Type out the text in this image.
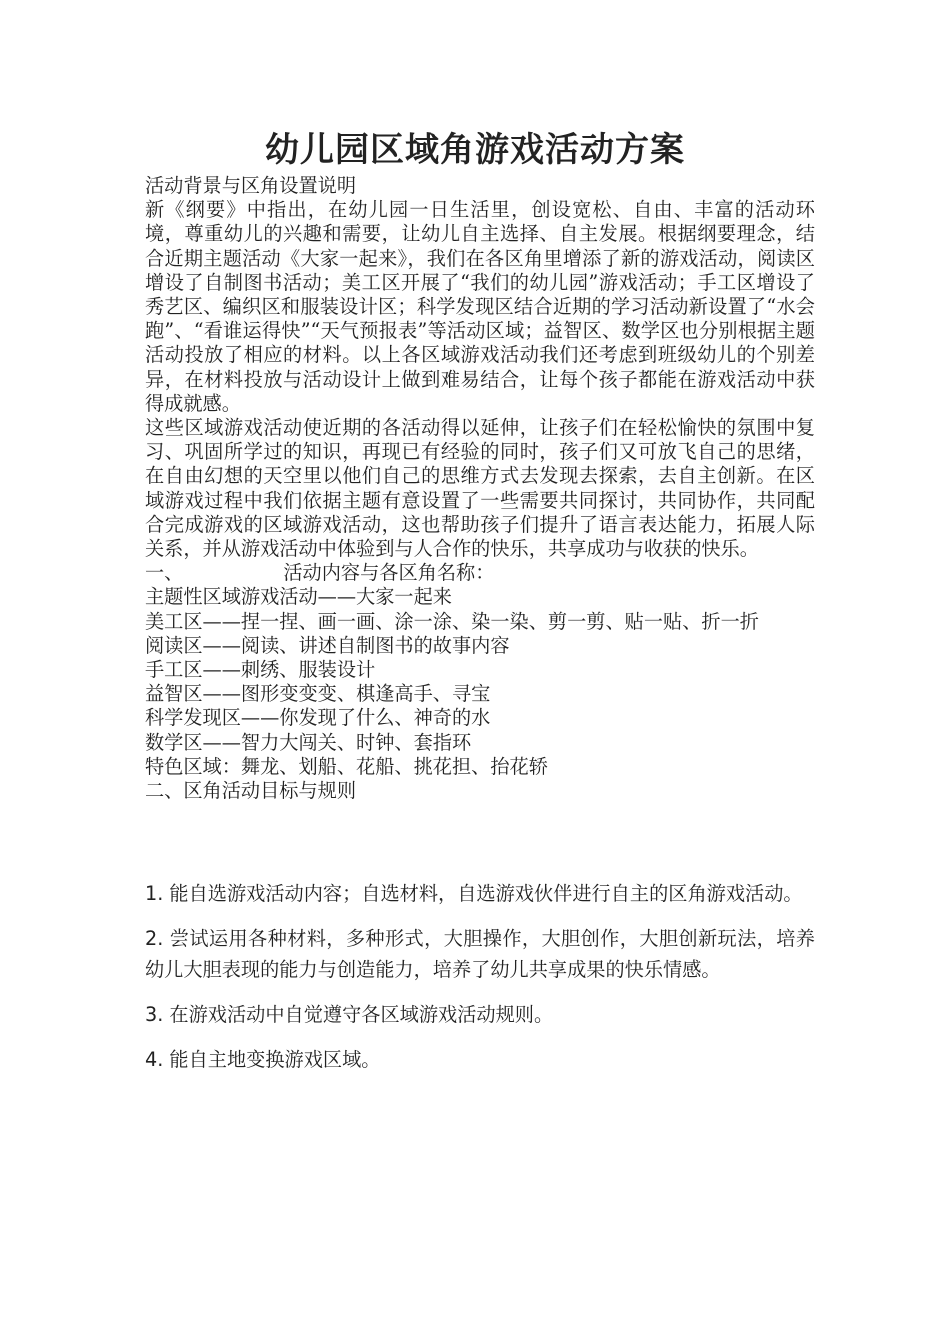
幼儿园区域角游戏活动方案

活动背景与区角设置说明

新《纲要》中指出，在幼儿园一日生活里，创设宽松、自由、丰富的活动环境，尊重幼儿的兴趣和需要，让幼儿自主选择、自主发展。根据纲要理念，结合近期主题活动《大家一起来》，我们在各区角里增添了新的游戏活动，阅读区增设了自制图书活动；美工区开展了“我们的幼儿园”游戏活动；手工区增设了秀艺区、编织区和服装设计区；科学发现区结合近期的学习活动新设置了“水会跑”、“看谁运得快”“天气预报表”等活动区域；益智区、数学区也分别根据主题活动投放了相应的材料。以上各区域游戏活动我们还考虑到班级幼儿的个别差异，在材料投放与活动设计上做到难易结合，让每个孩子都能在游戏活动中获得成就感。

这些区域游戏活动使近期的各活动得以延伸，让孩子们在轻松愉快的氛围中复习、巩固所学过的知识，再现已有经验的同时，孩子们又可放飞自己的思绪，在自由幻想的天空里以他们自己的思维方式去发现去探索，去自主创新。在区域游戏过程中我们依据主题有意设置了一些需要共同探讨，共同协作，共同配合完成游戏的区域游戏活动，这也帮助孩子们提升了语言表达能力，拓展人际关系，并从游戏活动中体验到与人合作的快乐，共享成功与收获的快乐。

一、	活动内容与各区角名称：

主题性区域游戏活动——大家一起来

美工区——捏一捏、画一画、涂一涂、染一染、剪一剪、贴一贴、折一折

阅读区——阅读、讲述自制图书的故事内容

手工区——刺绣、服装设计

益智区——图形变变变、棋逢高手、寻宝

科学发现区——你发现了什么、神奇的水

数学区——智力大闯关、时钟、套指环

特色区域：舞龙、划船、花船、挑花担、抬花轿

二、区角活动目标与规则

1. 能自选游戏活动内容；自选材料，自选游戏伙伴进行自主的区角游戏活动。

2. 尝试运用各种材料，多种形式，大胆操作，大胆创作，大胆创新玩法，培养幼儿大胆表现的能力与创造能力，培养了幼儿共享成果的快乐情感。

3. 在游戏活动中自觉遵守各区域游戏活动规则。

4. 能自主地变换游戏区域。
